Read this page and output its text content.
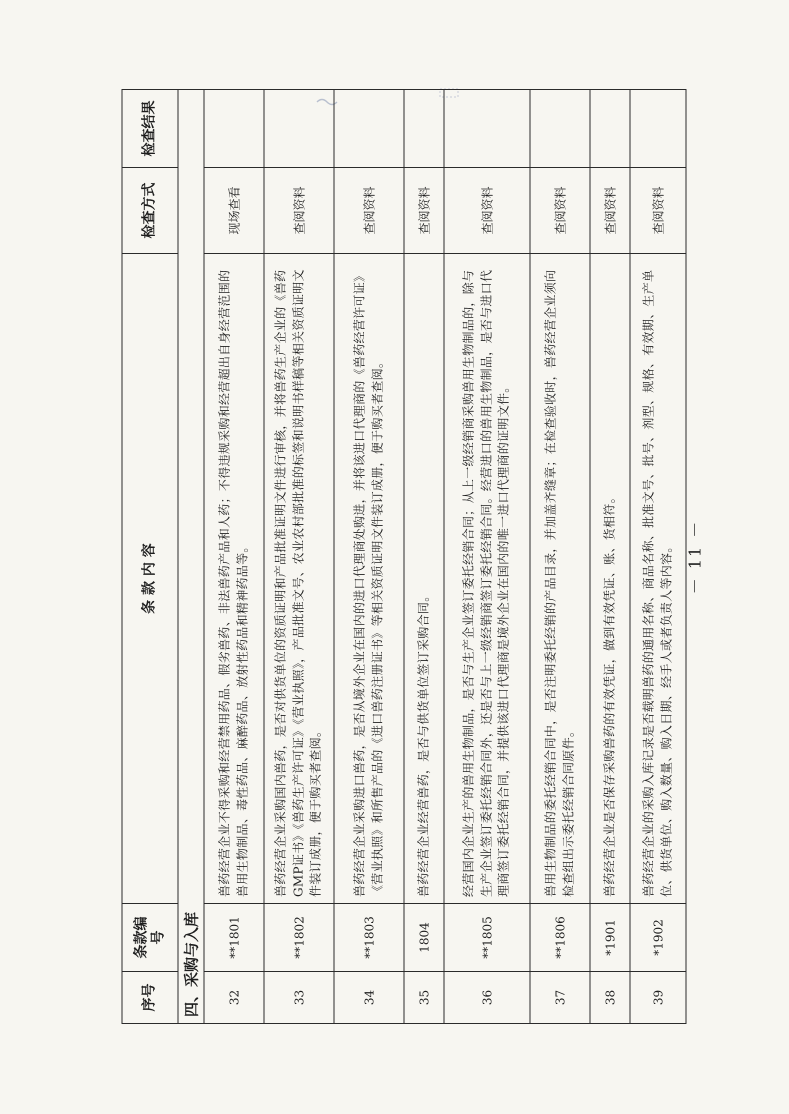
序号	条款编号	条 款 内 容	检查方式	检查结果
四、采购与入库				
32	**1801	兽药经营企业不得采购和经营禁用药品、假劣兽药、非法兽药产品和人药；不得违规采购和经营超出自身经营范围的兽用生物制品、毒性药品、麻醉药品、放射性药品和精神药品等。	现场查看	
33	**1802	兽药经营企业采购国内兽药，是否对供货单位的资质证明和产品批准证明文件进行审核，并将兽药生产企业的《兽药GMP证书》《兽药生产许可证》《营业执照》，产品批准文号、农业农村部批准的标签和说明书样稿等相关资质证明文件装订成册，便于购买者查阅。	查阅资料	
34	**1803	兽药经营企业采购进口兽药，是否从境外企业在国内的进口代理商处购进，并将该进口代理商的《兽药经营许可证》《营业执照》和所售产品的《进口兽药注册证书》等相关资质证明文件装订成册，便于购买者查阅。	查阅资料	
35	1804	兽药经营企业经营兽药，是否与供货单位签订采购合同。	查阅资料	
36	**1805	经营国内企业生产的兽用生物制品，是否与生产企业签订委托经销合同；从上一级经销商采购兽用生物制品的，除与生产企业签订委托经销合同外，还是否与上一级经销商签订委托经销合同。经营进口的兽用生物制品，是否与进口代理商签订委托经销合同，并提供该进口代理商是境外企业在国内的唯一进口代理商的证明文件。	查阅资料	
37	**1806	兽用生物制品的委托经销合同中，是否注明委托经销的产品目录，并加盖齐缝章；在检查验收时，兽药经营企业须向检查组出示委托经销合同原件。	查阅资料	
38	*1901	兽药经营企业是否保存采购兽药的有效凭证，做到有效凭证、账、货相符。	查阅资料	
39	*1902	兽药经营企业的采购入库记录是否载明兽药的通用名称、商品名称、批准文号、批号、剂型、规格、有效期、生产单位、供货单位、购入数量、购入日期、经手人或者负责人等内容。	查阅资料	
－ 11 －
